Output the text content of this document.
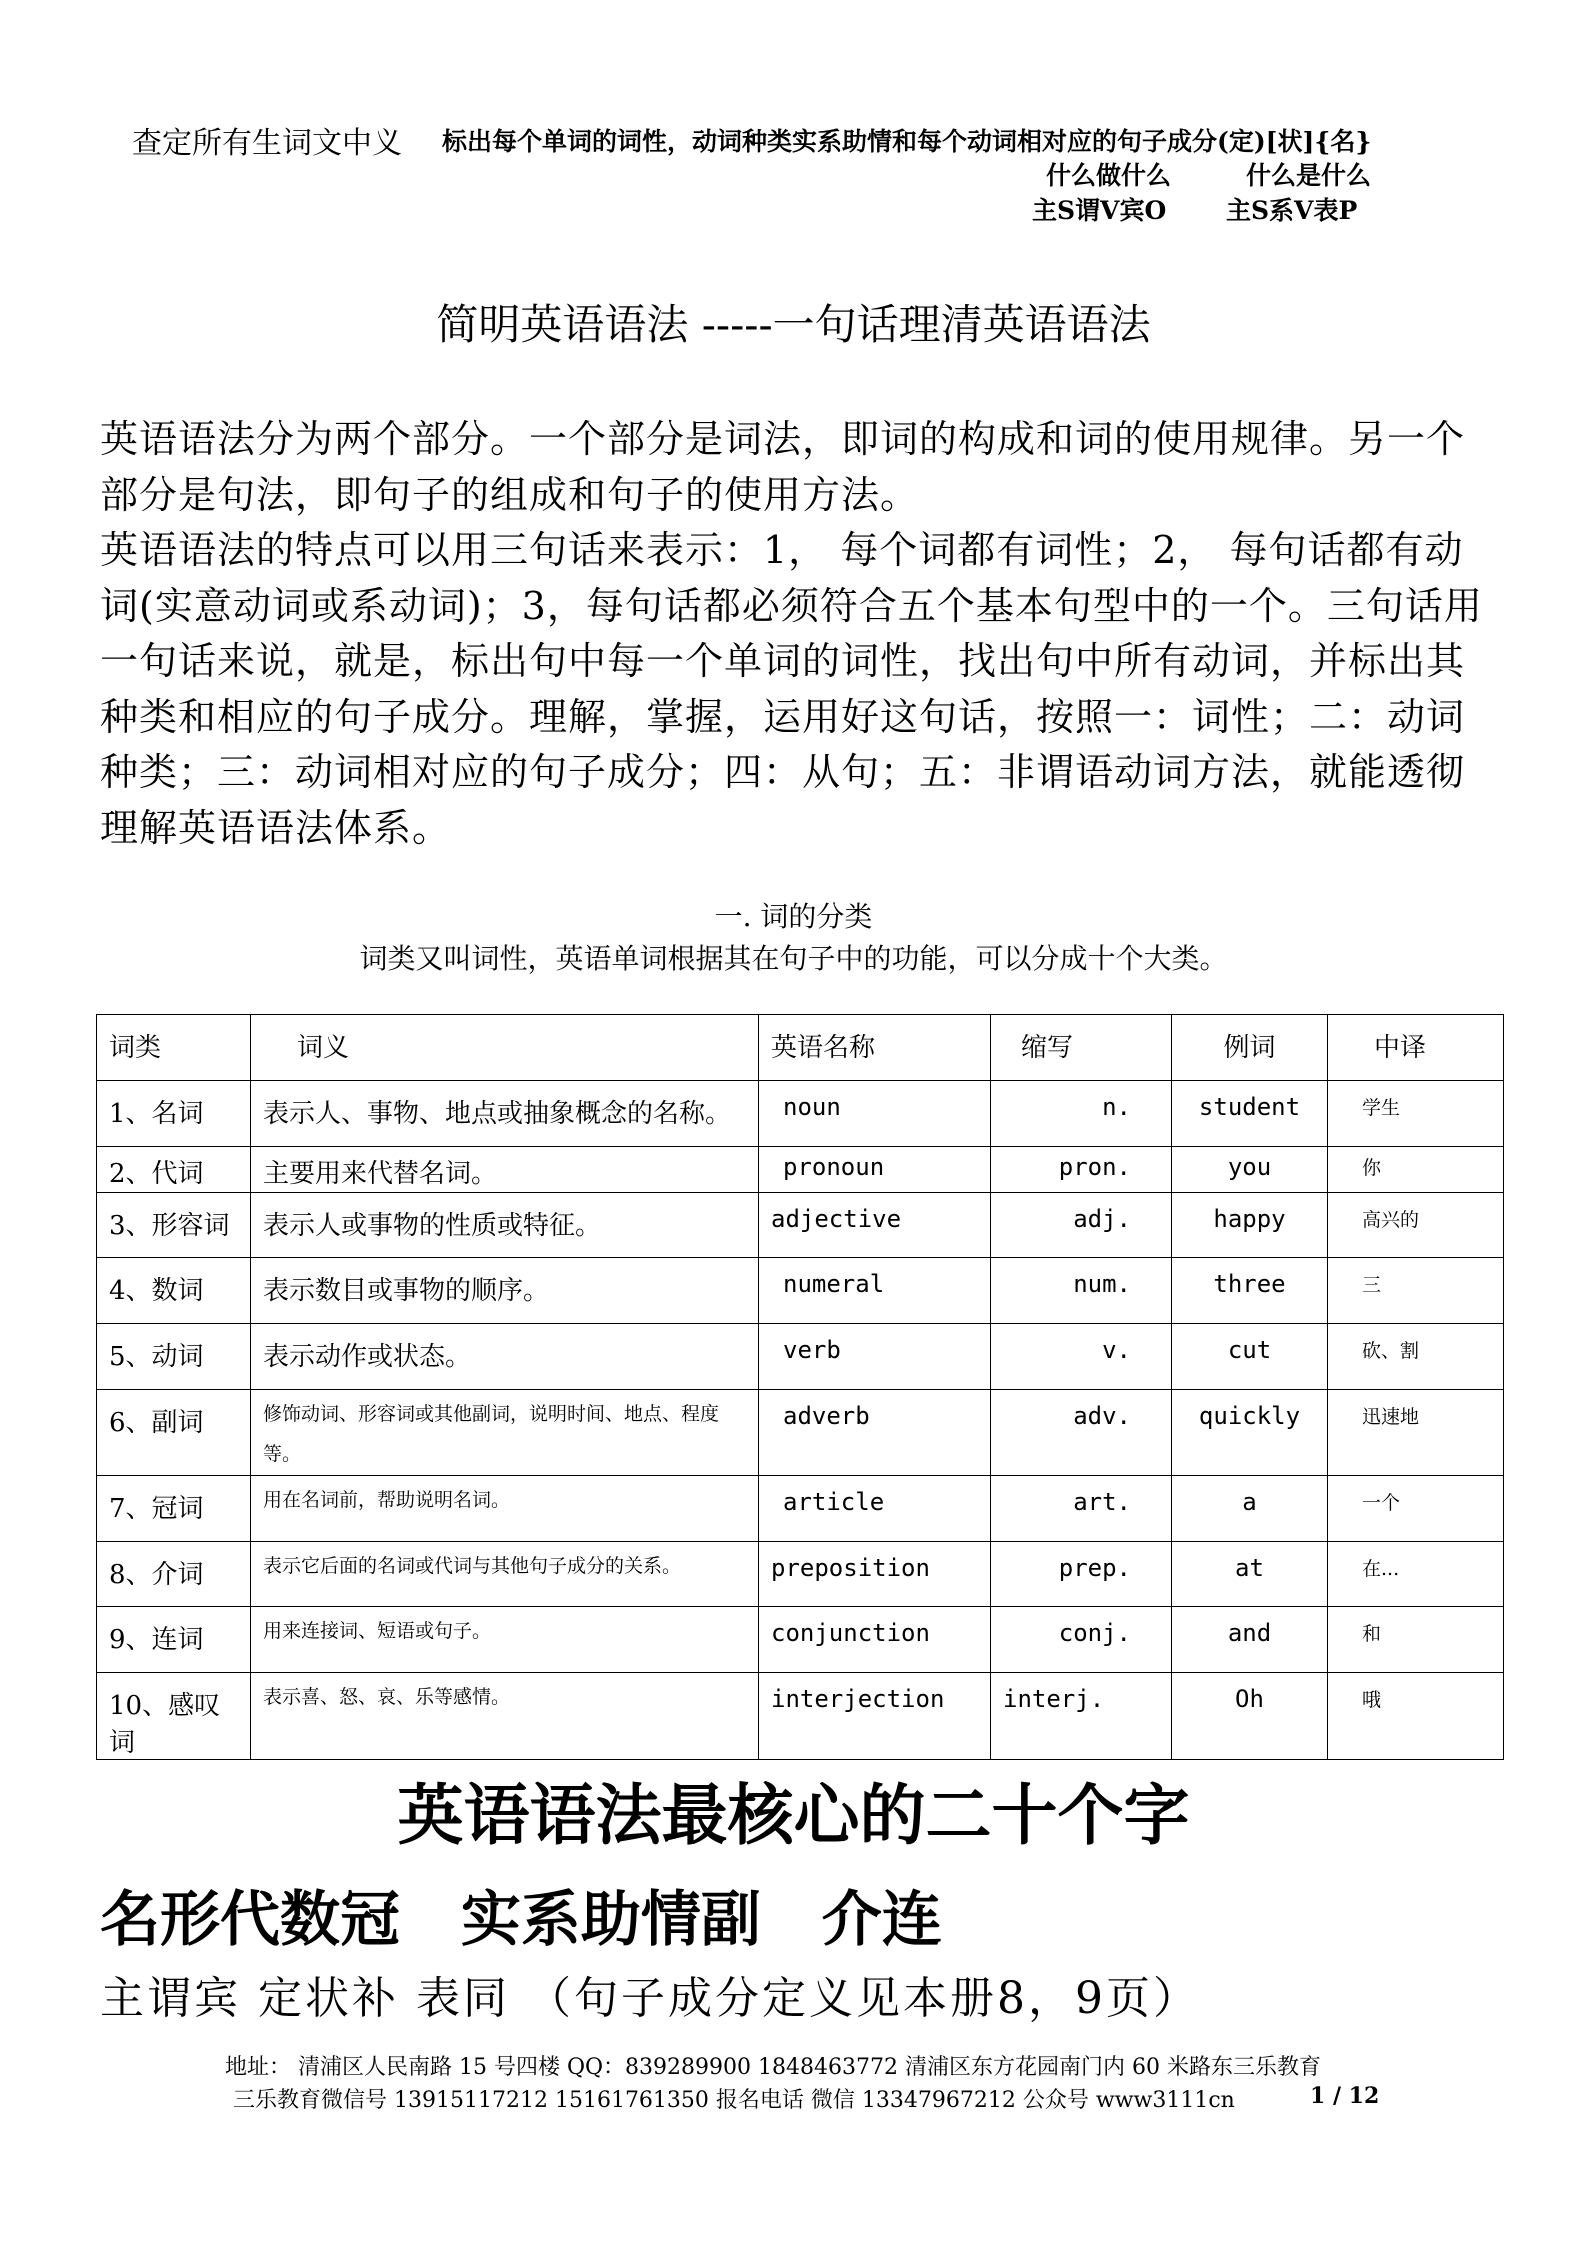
查定所有生词文中义 标出每个单词的词性，动词种类实系助情和每个动词相对应的句子成分(定)[状]{名}
什么做什么	什么是什么
主S谓V宾O 主S系V表P
简明英语语法 -----一句话理清英语语法

英语语法分为两个部分。一个部分是词法，即词的构成和词的使用规律。另一个部分是句法，即句子的组成和句子的使用方法。

英语语法的特点可以用三句话来表示：1， 每个词都有词性；2， 每句话都有动词(实意动词或系动词)；3，每句话都必须符合五个基本句型中的一个。三句话用一句话来说，就是，标出句中每一个单词的词性，找出句中所有动词，并标出其种类和相应的句子成分。理解，掌握，运用好这句话，按照一：词性；二：动词种类；三：动词相对应的句子成分；四：从句；五：非谓语动词方法，就能透彻理解英语语法体系。

一. 词的分类
词类又叫词性，英语单词根据其在句子中的功能，可以分成十个大类。
词类	词义	英语名称	缩写	例词	中译
1、名词	表示人、事物、地点或抽象概念的名称。	noun	n.	student	学生
2、代词	主要用来代替名词。	pronoun	pron.	you	你
3、形容词	表示人或事物的性质或特征。	adjective	adj.	happy	高兴的
4、数词	表示数目或事物的顺序。	numeral	num.	three	三
5、动词	表示动作或状态。	verb	v.	cut	砍、割
6、副词	修饰动词、形容词或其他副词，说明时间、地点、程度等。	adverb	adv.	quickly	迅速地
7、冠词	用在名词前，帮助说明名词。	article	art.	a	一个
8、介词	表示它后面的名词或代词与其他句子成分的关系。	preposition	prep.	at	在...
9、连词	用来连接词、短语或句子。	conjunction	conj.	and	和
10、感叹词	表示喜、怒、哀、乐等感情。	interjection	interj.	Oh	哦
英语语法最核心的二十个字
名形代数冠 实系助情副 介连
主谓宾 定状补 表同 （句子成分定义见本册8，9页）
地址： 清浦区人民南路 15 号四楼 QQ：839289900 1848463772 清浦区东方花园南门内 60 米路东三乐教育
三乐教育微信号 13915117212 15161761350 报名电话 微信 13347967212 公众号 www3111cn	1 / 12
